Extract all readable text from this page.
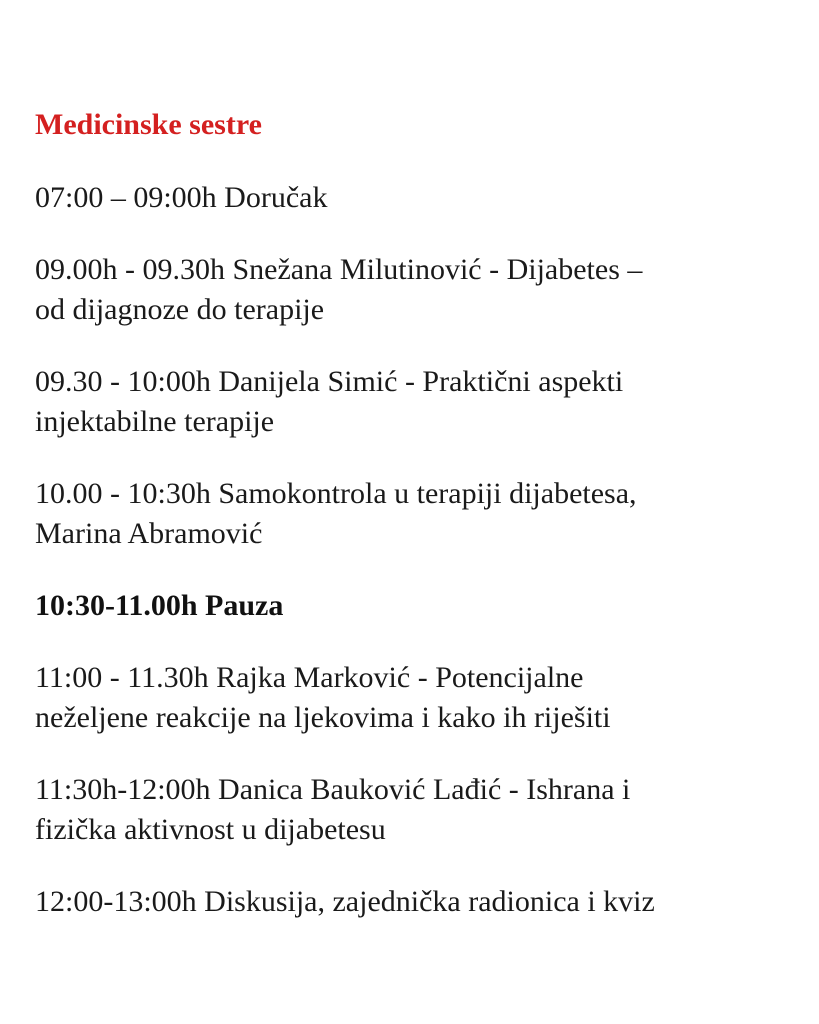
Medicinske sestre
07:00 – 09:00h Doručak
09.00h - 09.30h Snežana Milutinović - Dijabetes –
od dijagnoze do terapije
09.30 - 10:00h Danijela Simić - Praktični aspekti
injektabilne terapije
10.00 - 10:30h Samokontrola u terapiji dijabetesa,
Marina Abramović
10:30-11.00h Pauza
11:00 - 11.30h Rajka Marković - Potencijalne
neželjene reakcije na ljekovima i kako ih riješiti
11:30h-12:00h Danica Bauković Lađić - Ishrana i
fizička aktivnost u dijabetesu
12:00-13:00h Diskusija, zajednička radionica i kviz
